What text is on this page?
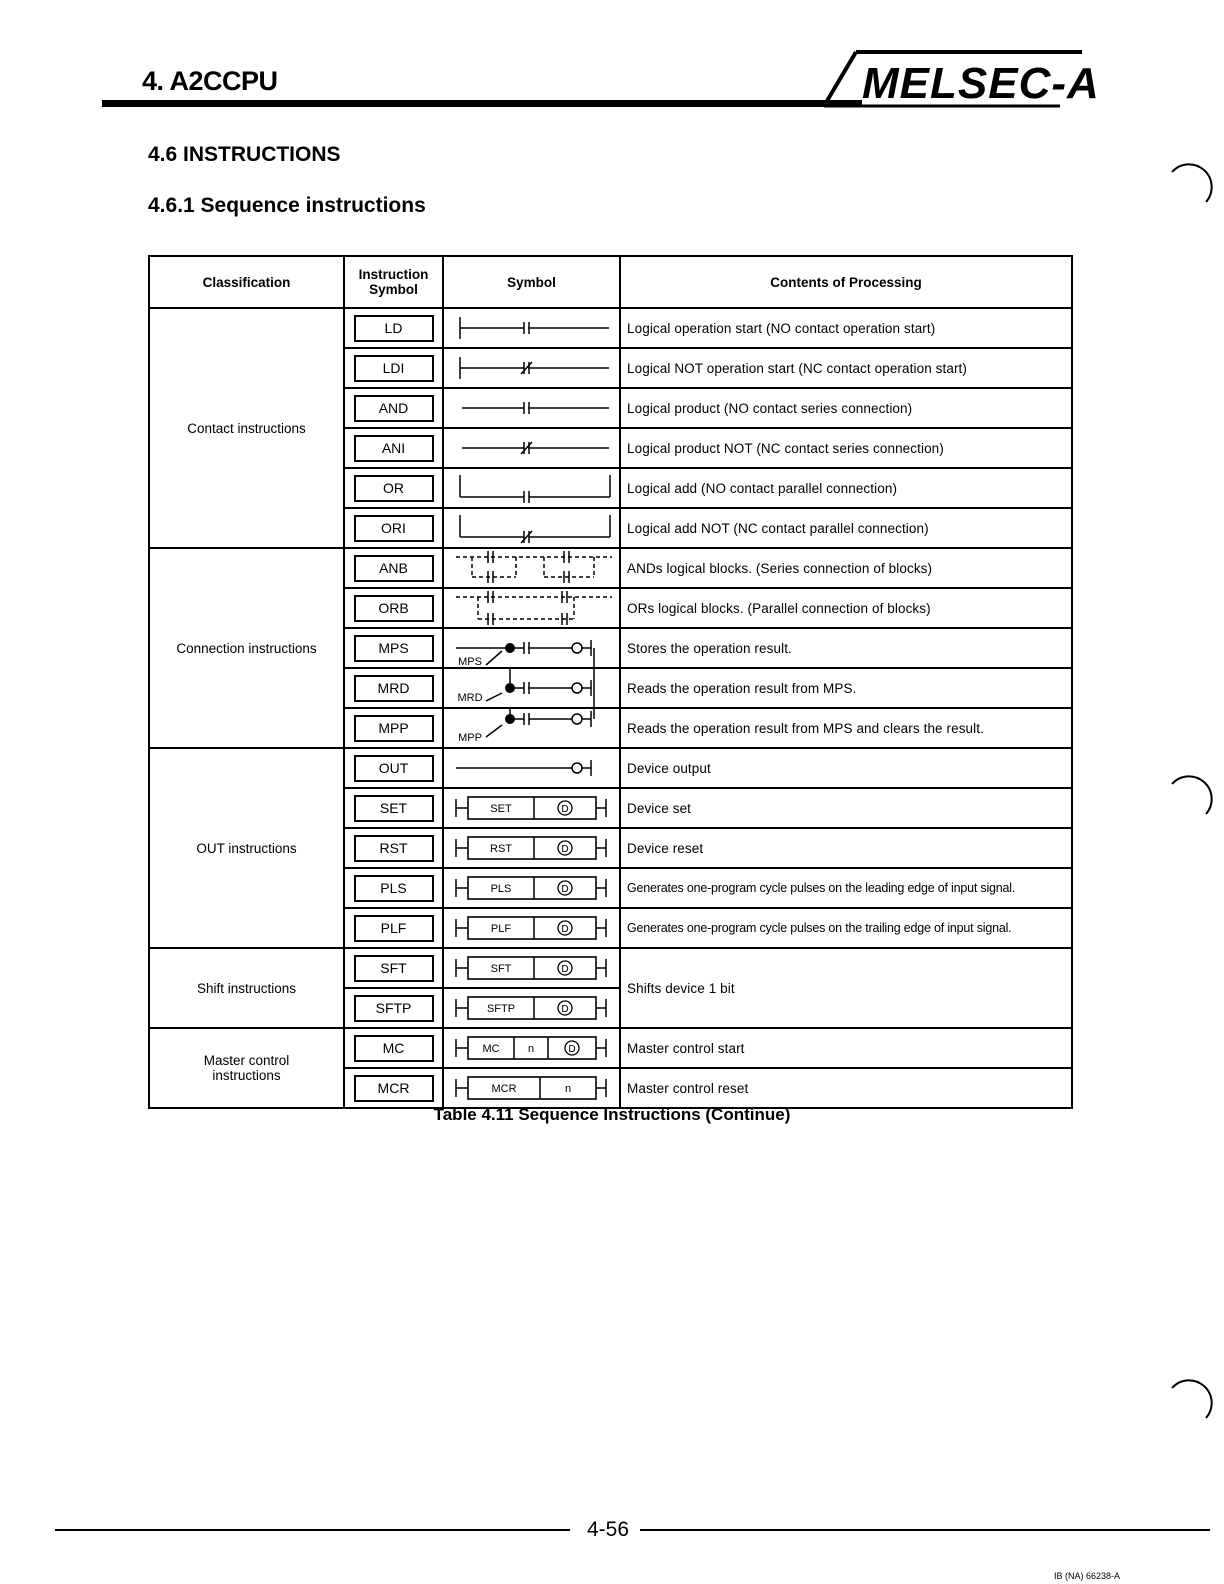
4. A2CCPU	MELSEC-A
4.6 INSTRUCTIONS
4.6.1 Sequence instructions
Classification	Instruction Symbol	Symbol	Contents of Processing
Contact instructions	LD		Logical operation start (NO contact operation start)
	LDI		Logical NOT operation start (NC contact operation start)
	AND		Logical product (NO contact series connection)
	ANI		Logical product NOT (NC contact series connection)
	OR		Logical add (NO contact parallel connection)
	ORI		Logical add NOT (NC contact parallel connection)
Connection instructions	ANB		ANDs logical blocks. (Series connection of blocks)
	ORB		ORs logical blocks. (Parallel connection of blocks)
	MPS	MPS	Stores the operation result.
	MRD	MRD	Reads the operation result from MPS.
	MPP	MPP	Reads the operation result from MPS and clears the result.
OUT instructions	OUT		Device output
	SET	SET D	Device set
	RST	RST D	Device reset
	PLS	PLS D	Generates one-program cycle pulses on the leading edge of input signal.
	PLF	PLF D	Generates one-program cycle pulses on the trailing edge of input signal.
Shift instructions	SFT	SFT D	Shifts device 1 bit
	SFTP	SFTP D	

Master control instructions	MC	MC n D	Master control start
	MCR	MCR n	Master control reset
Table 4.11 Sequence Instructions (Continue)
4-56
IB (NA) 66238-A
